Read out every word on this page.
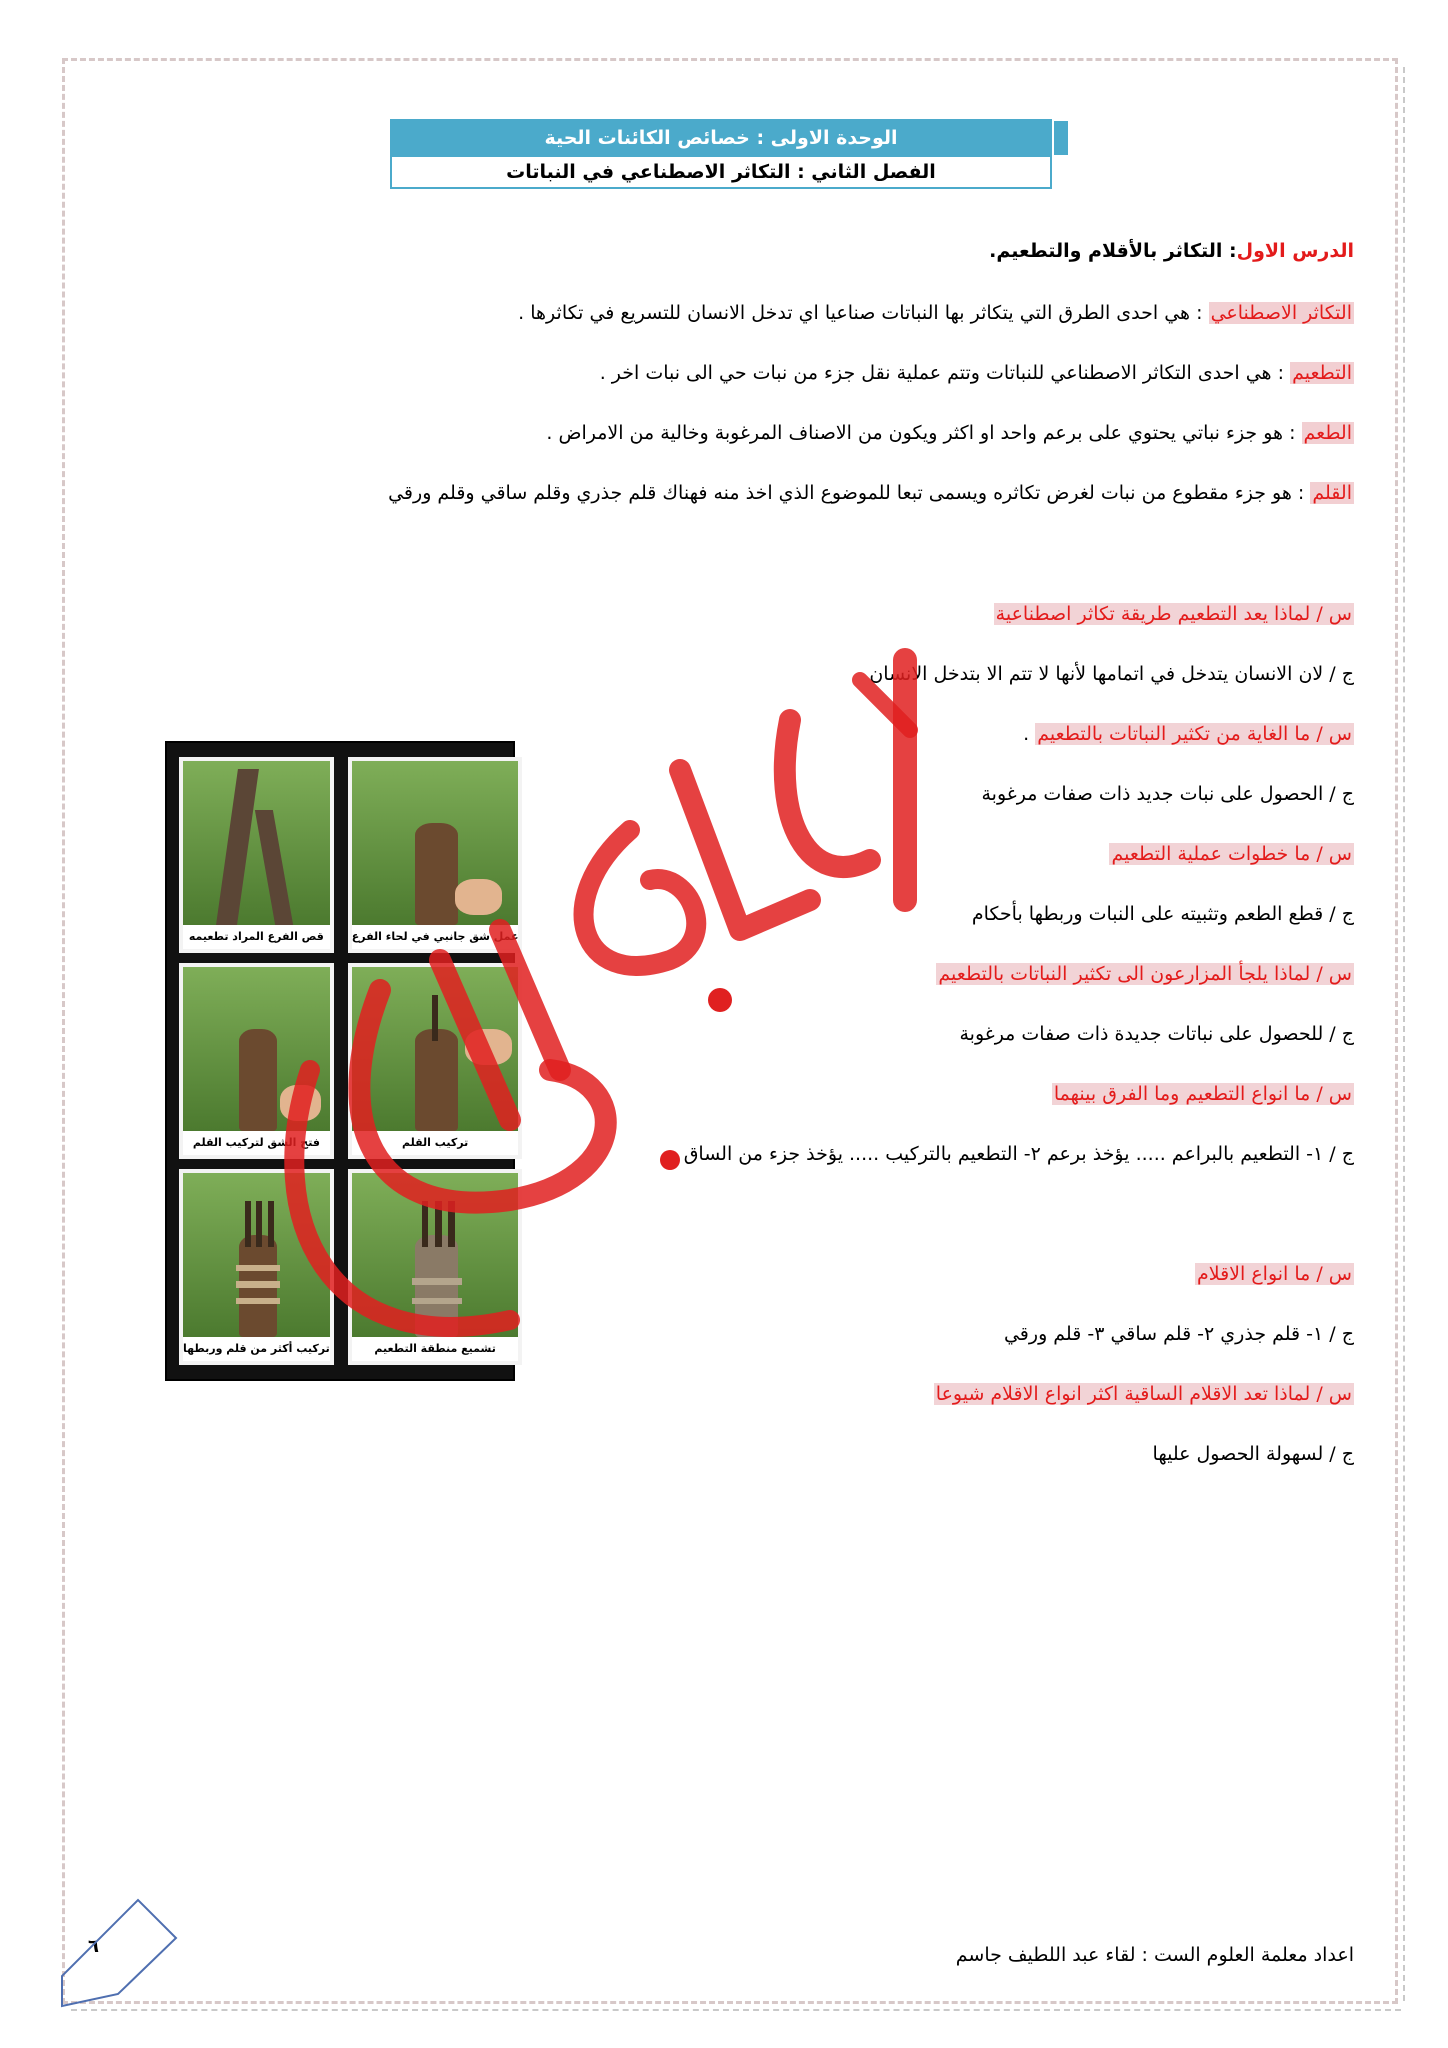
الوحدة الاولى : خصائص الكائنات الحية
الفصل الثاني : التكاثر الاصطناعي في النباتات
الدرس الاول: التكاثر بالأقلام والتطعيم.
التكاثر الاصطناعي : هي احدى الطرق التي يتكاثر بها النباتات صناعيا اي تدخل الانسان للتسريع في تكاثرها .
التطعيم : هي احدى التكاثر الاصطناعي للنباتات وتتم عملية نقل جزء من نبات حي الى نبات اخر .
الطعم : هو جزء نباتي يحتوي على برعم واحد او اكثر ويكون من الاصناف المرغوبة وخالية من الامراض .
القلم : هو جزء مقطوع من نبات لغرض تكاثره ويسمى تبعا للموضوع الذي اخذ منه فهناك قلم جذري وقلم ساقي وقلم ورقي
س / لماذا يعد التطعيم طريقة تكاثر اصطناعية
ج / لان الانسان يتدخل في اتمامها لأنها لا تتم الا بتدخل الانسان
س / ما الغاية من تكثير النباتات بالتطعيم .
ج / الحصول على نبات جديد ذات صفات مرغوبة
س / ما خطوات عملية التطعيم
ج / قطع الطعم وتثبيته على النبات وربطها بأحكام
س / لماذا يلجأ المزارعون الى تكثير النباتات بالتطعيم
ج / للحصول على نباتات جديدة ذات صفات مرغوبة
س / ما انواع التطعيم وما الفرق بينهما
ج / ١- التطعيم بالبراعم ..... يؤخذ برعم ٢- التطعيم بالتركيب ..... يؤخذ جزء من الساق
س / ما انواع الاقلام
ج / ١- قلم جذري ٢- قلم ساقي ٣- قلم ورقي
س / لماذا تعد الاقلام الساقية اكثر انواع الاقلام شيوعا
ج / لسهولة الحصول عليها
قص الفرع المراد تطعيمه	عمل شق جانبي في لحاء الفرع
فتح الشق لتركيب القلم	تركيب القلم
تركيب أكثر من قلم وربطها	تشميع منطقة التطعيم
٦	اعداد معلمة العلوم الست : لقاء عبد اللطيف جاسم
